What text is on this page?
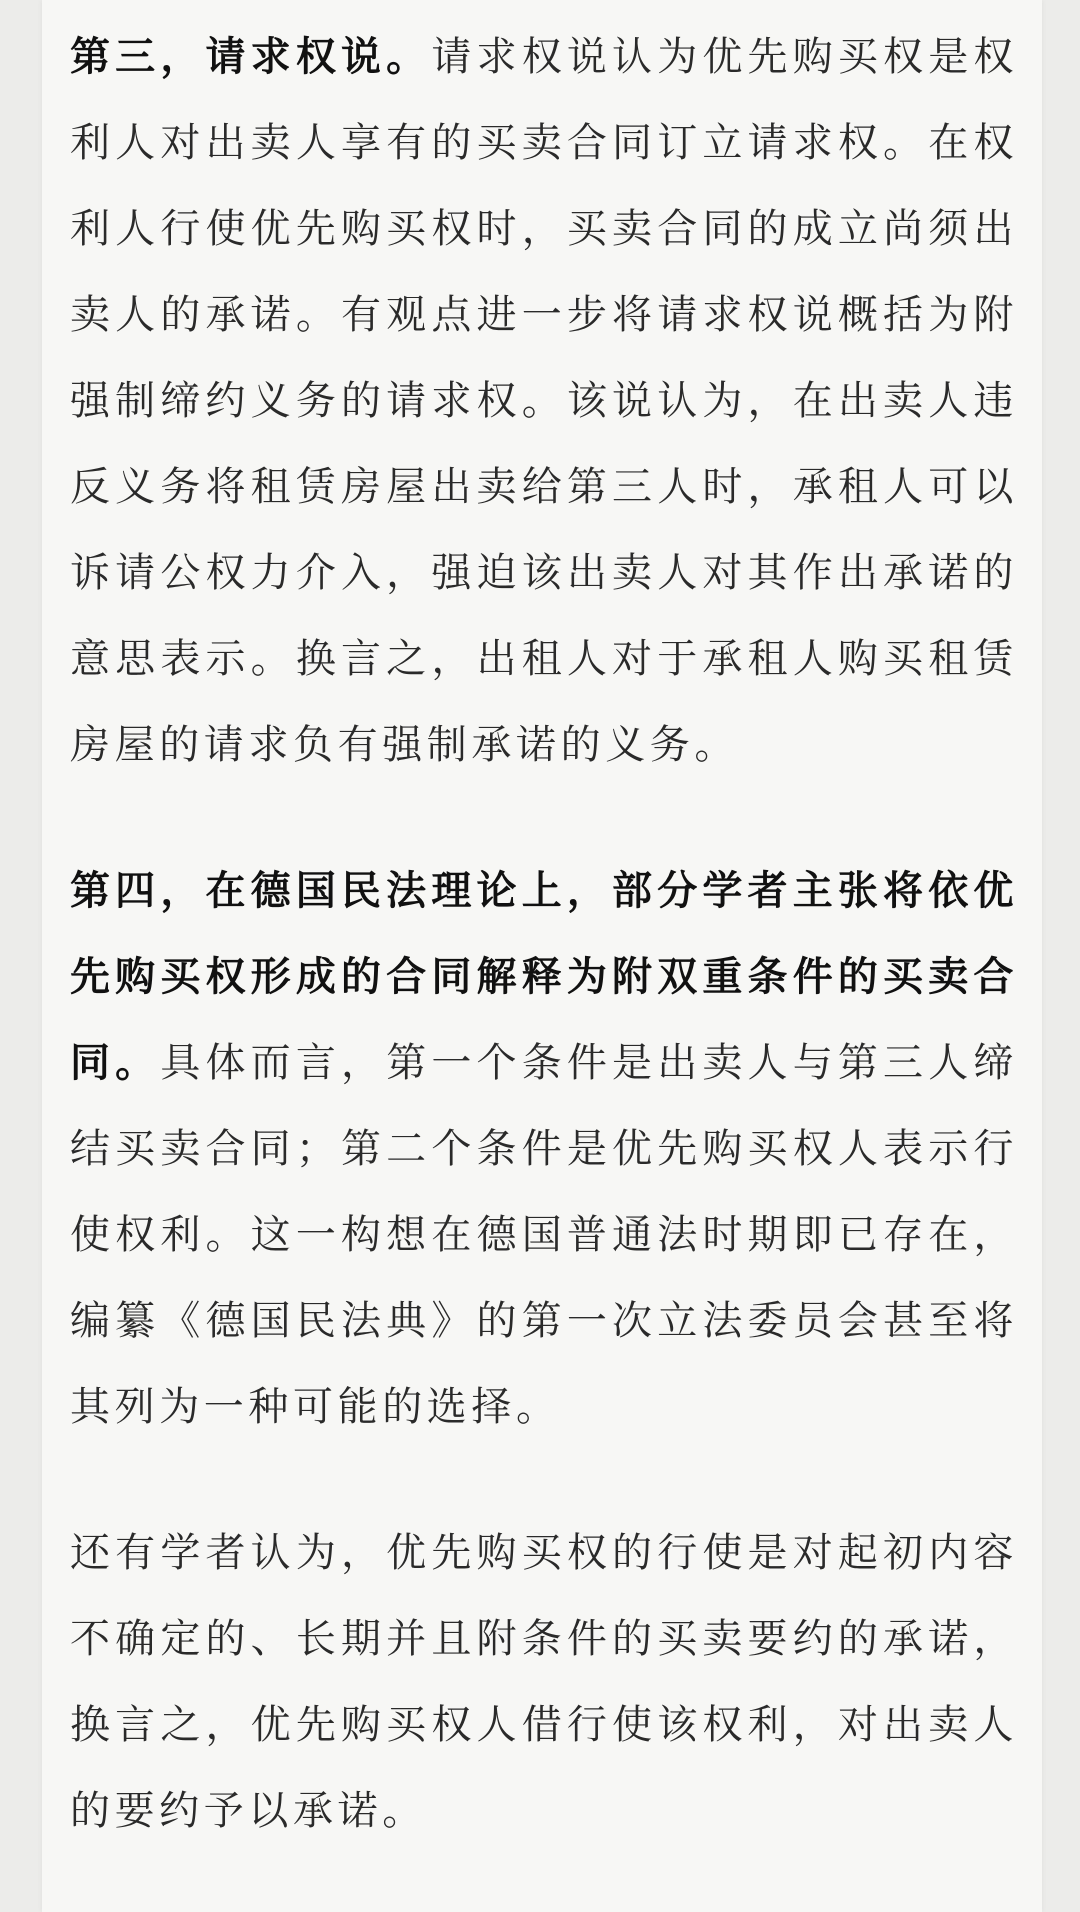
第三，请求权说。请求权说认为优先购买权是权利人对出卖人享有的买卖合同订立请求权。在权利人行使优先购买权时，买卖合同的成立尚须出卖人的承诺。有观点进一步将请求权说概括为附强制缔约义务的请求权。该说认为，在出卖人违反义务将租赁房屋出卖给第三人时，承租人可以诉请公权力介入，强迫该出卖人对其作出承诺的意思表示。换言之，出租人对于承租人购买租赁房屋的请求负有强制承诺的义务。

第四，在德国民法理论上，部分学者主张将依优先购买权形成的合同解释为附双重条件的买卖合同。具体而言，第一个条件是出卖人与第三人缔结买卖合同；第二个条件是优先购买权人表示行使权利。这一构想在德国普通法时期即已存在，编纂《德国民法典》的第一次立法委员会甚至将其列为一种可能的选择。

还有学者认为，优先购买权的行使是对起初内容不确定的、长期并且附条件的买卖要约的承诺，换言之，优先购买权人借行使该权利，对出卖人的要约予以承诺。
